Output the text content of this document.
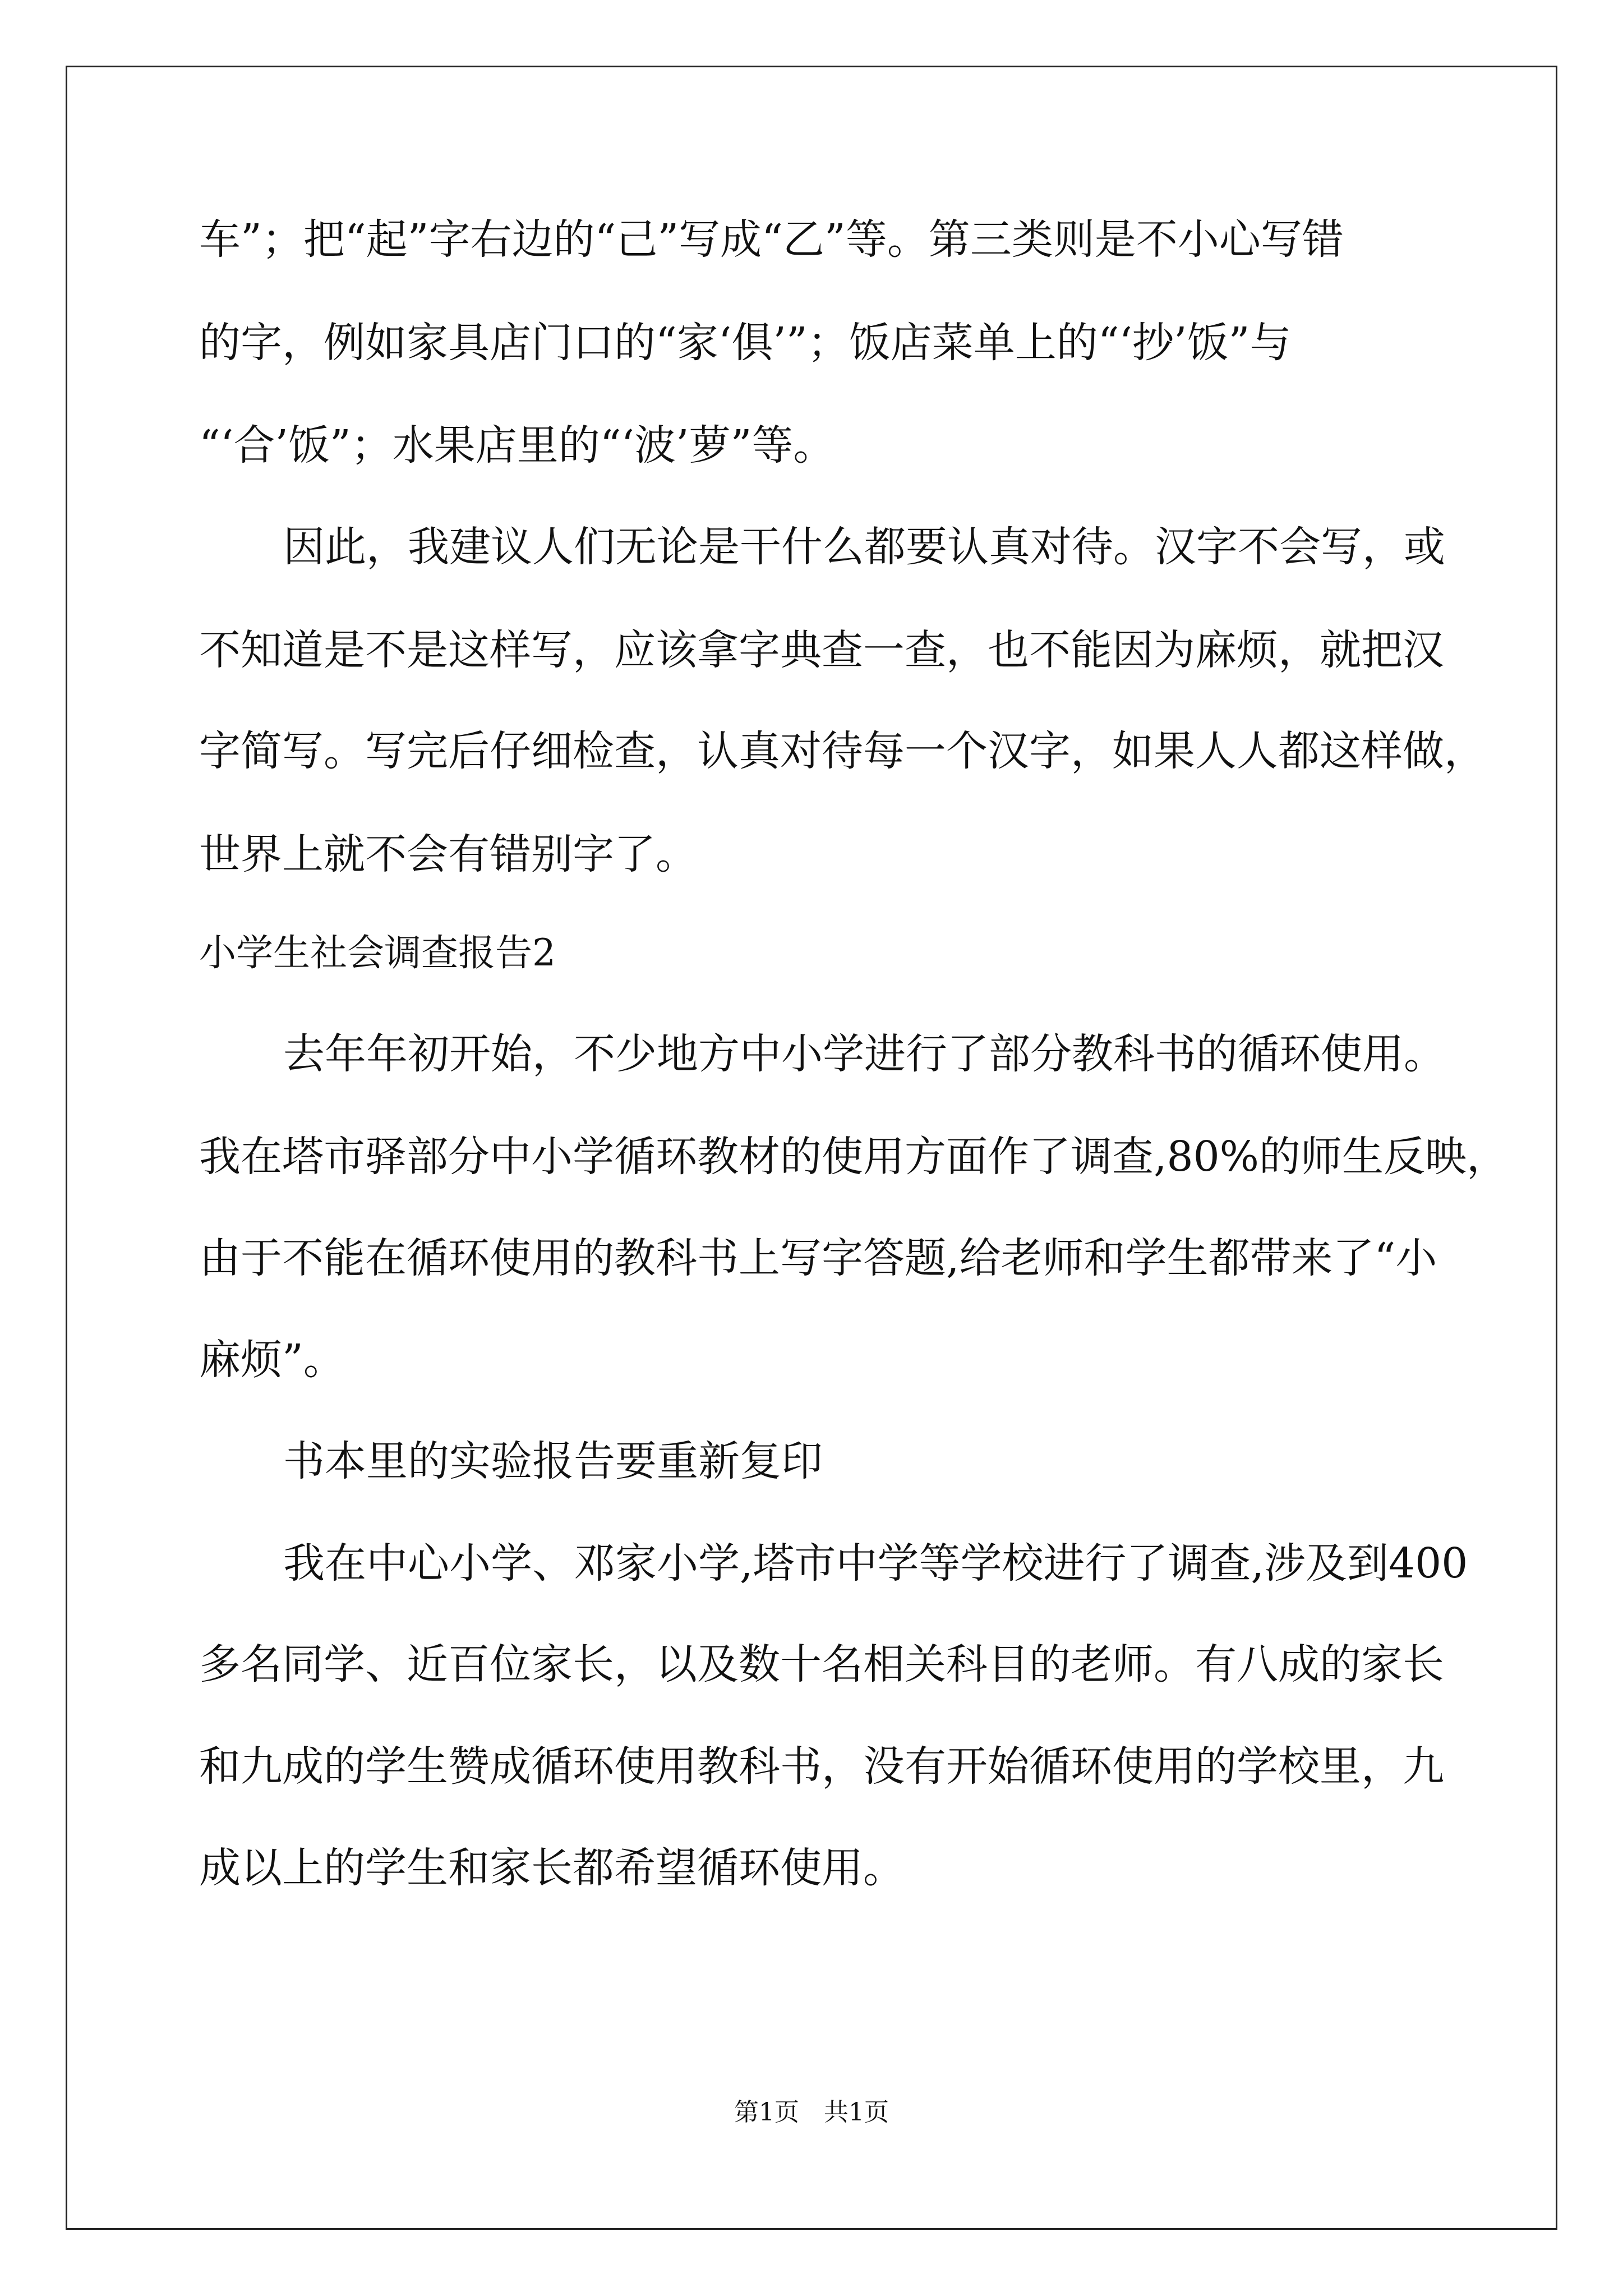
车”；把“起”字右边的“己”写成“乙”等。第三类则是不小心写错
的字，例如家具店门口的“家‘俱’”；饭店菜单上的“‘抄’饭”与
“‘合’饭”；水果店里的“‘波’萝”等。
因此，我建议人们无论是干什么都要认真对待。汉字不会写，或
不知道是不是这样写，应该拿字典查一查，也不能因为麻烦，就把汉
字简写。写完后仔细检查，认真对待每一个汉字，如果人人都这样做，
世界上就不会有错别字了。
小学生社会调查报告2
去年年初开始，不少地方中小学进行了部分教科书的循环使用。
我在塔市驿部分中小学循环教材的使用方面作了调查,80%的师生反映，
由于不能在循环使用的教科书上写字答题,给老师和学生都带来了“小
麻烦”。
书本里的实验报告要重新复印
我在中心小学、邓家小学,塔市中学等学校进行了调查,涉及到400
多名同学、近百位家长，以及数十名相关科目的老师。有八成的家长
和九成的学生赞成循环使用教科书，没有开始循环使用的学校里，九
成以上的学生和家长都希望循环使用。
第1页　共1页
